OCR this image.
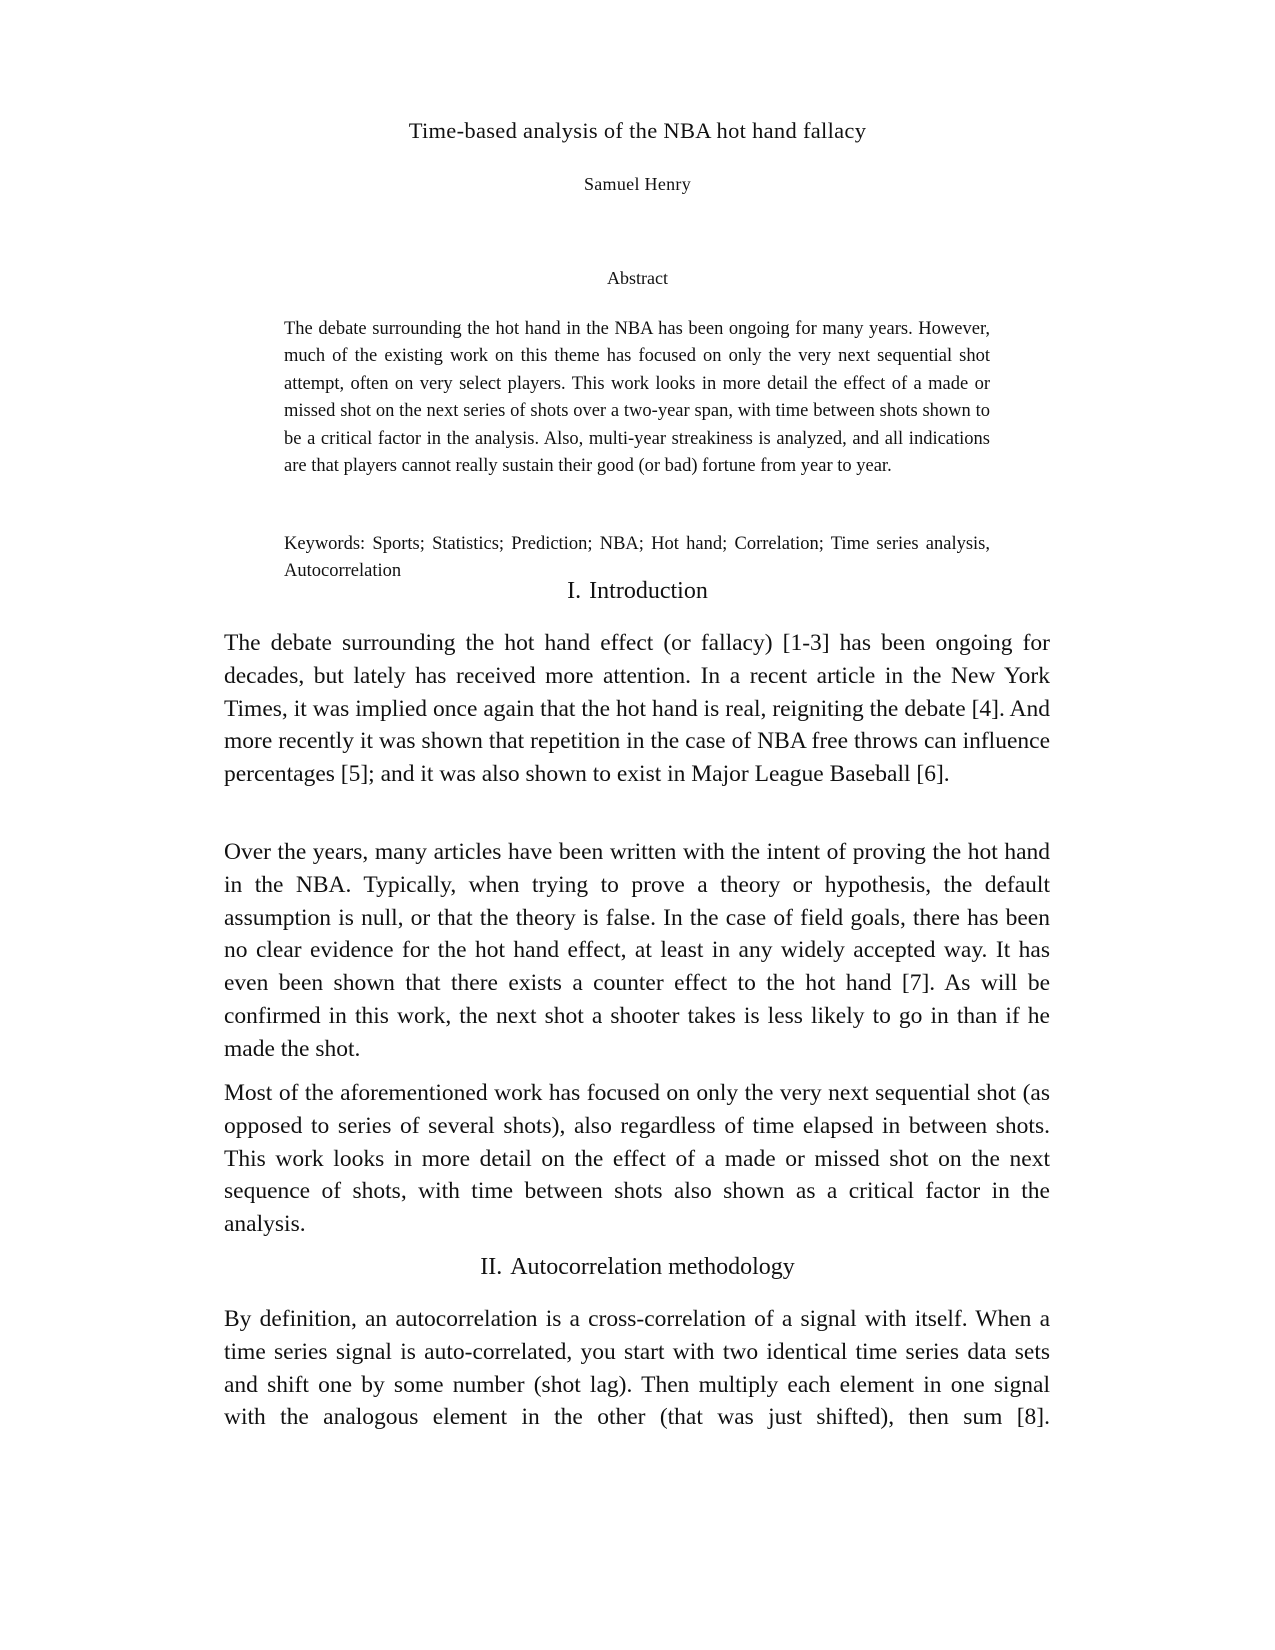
Time-based analysis of the NBA hot hand fallacy
Samuel Henry
Abstract

The debate surrounding the hot hand in the NBA has been ongoing for many years. However, much of the existing work on this theme has focused on only the very next sequential shot attempt, often on very select players. This work looks in more detail the effect of a made or missed shot on the next series of shots over a two-year span, with time between shots shown to be a critical factor in the analysis. Also, multi-year streakiness is analyzed, and all indications are that players cannot really sustain their good (or bad) fortune from year to year.

Keywords: Sports; Statistics; Prediction; NBA; Hot hand; Correlation; Time series analysis, Autocorrelation

I. Introduction

The debate surrounding the hot hand effect (or fallacy) [1-3] has been ongoing for decades, but lately has received more attention. In a recent article in the New York Times, it was implied once again that the hot hand is real, reigniting the debate [4]. And more recently it was shown that repetition in the case of NBA free throws can influence percentages [5]; and it was also shown to exist in Major League Baseball [6].

Over the years, many articles have been written with the intent of proving the hot hand in the NBA. Typically, when trying to prove a theory or hypothesis, the default assumption is null, or that the theory is false. In the case of field goals, there has been no clear evidence for the hot hand effect, at least in any widely accepted way. It has even been shown that there exists a counter effect to the hot hand [7]. As will be confirmed in this work, the next shot a shooter takes is less likely to go in than if he made the shot.

Most of the aforementioned work has focused on only the very next sequential shot (as opposed to series of several shots), also regardless of time elapsed in between shots. This work looks in more detail on the effect of a made or missed shot on the next sequence of shots, with time between shots also shown as a critical factor in the analysis.

II. Autocorrelation methodology

By definition, an autocorrelation is a cross-correlation of a signal with itself. When a time series signal is auto-correlated, you start with two identical time series data sets and shift one by some number (shot lag). Then multiply each element in one signal with the analogous element in the other (that was just shifted), then sum [8].
